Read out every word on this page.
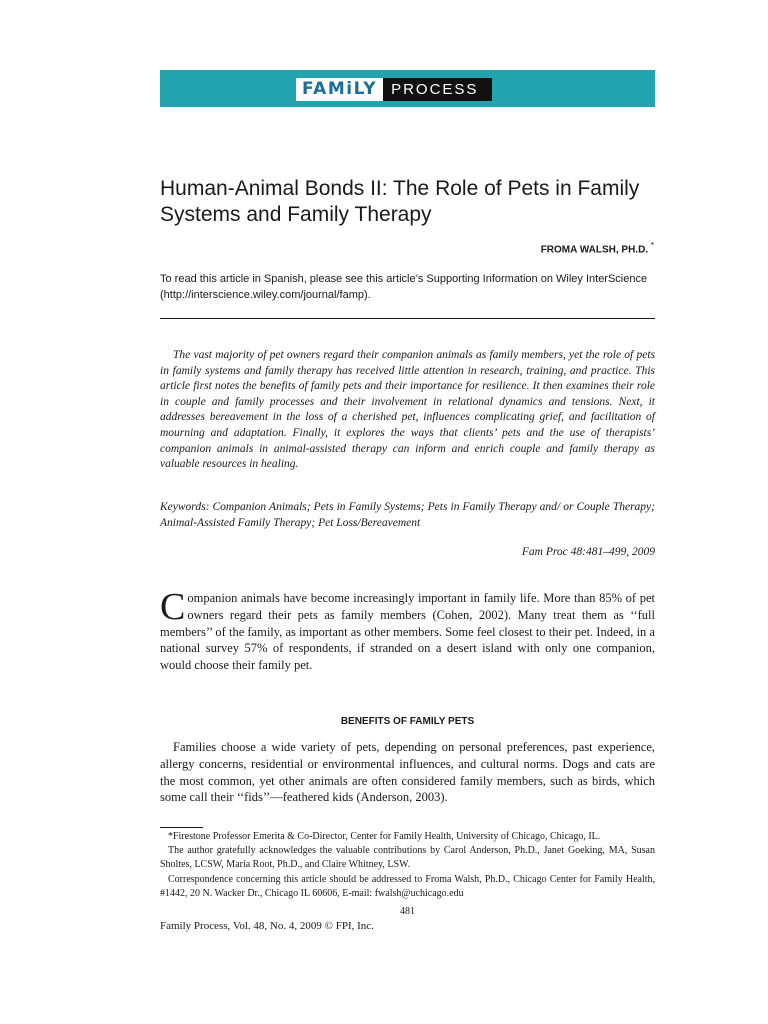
FAMiLY PROCESS
Human-Animal Bonds II: The Role of Pets in Family Systems and Family Therapy
FROMA WALSH, PH.D. *
To read this article in Spanish, please see this article’s Supporting Information on Wiley InterScience (http://interscience.wiley.com/journal/famp).

The vast majority of pet owners regard their companion animals as family members, yet the role of pets in family systems and family therapy has received little attention in research, training, and practice. This article first notes the benefits of family pets and their importance for resilience. It then examines their role in couple and family processes and their involvement in relational dynamics and tensions. Next, it addresses bereavement in the loss of a cherished pet, influences complicating grief, and facilitation of mourning and adaptation. Finally, it explores the ways that clients’ pets and the use of therapists’ companion animals in animal-assisted therapy can inform and enrich couple and family therapy as valuable resources in healing.

Keywords: Companion Animals; Pets in Family Systems; Pets in Family Therapy and/ or Couple Therapy; Animal-Assisted Family Therapy; Pet Loss/Bereavement
Fam Proc 48:481–499, 2009

Companion animals have become increasingly important in family life. More than 85% of pet owners regard their pets as family members (Cohen, 2002). Many treat them as ‘‘full members’’ of the family, as important as other members. Some feel closest to their pet. Indeed, in a national survey 57% of respondents, if stranded on a desert island with only one companion, would choose their family pet.

BENEFITS OF FAMILY PETS

Families choose a wide variety of pets, depending on personal preferences, past experience, allergy concerns, residential or environmental influences, and cultural norms. Dogs and cats are the most common, yet other animals are often considered family members, such as birds, which some call their ‘‘fids’’—feathered kids (Anderson, 2003).

*Firestone Professor Emerita & Co-Director, Center for Family Health, University of Chicago, Chicago, IL.

The author gratefully acknowledges the valuable contributions by Carol Anderson, Ph.D., Janet Goeking, MA, Susan Sholtes, LCSW, Maria Root, Ph.D., and Claire Whitney, LSW.

Correspondence concerning this article should be addressed to Froma Walsh, Ph.D., Chicago Center for Family Health, #1442, 20 N. Wacker Dr., Chicago IL 60606, E-mail: fwalsh@uchicago.edu

481
Family Process, Vol. 48, No. 4, 2009 © FPI, Inc.
